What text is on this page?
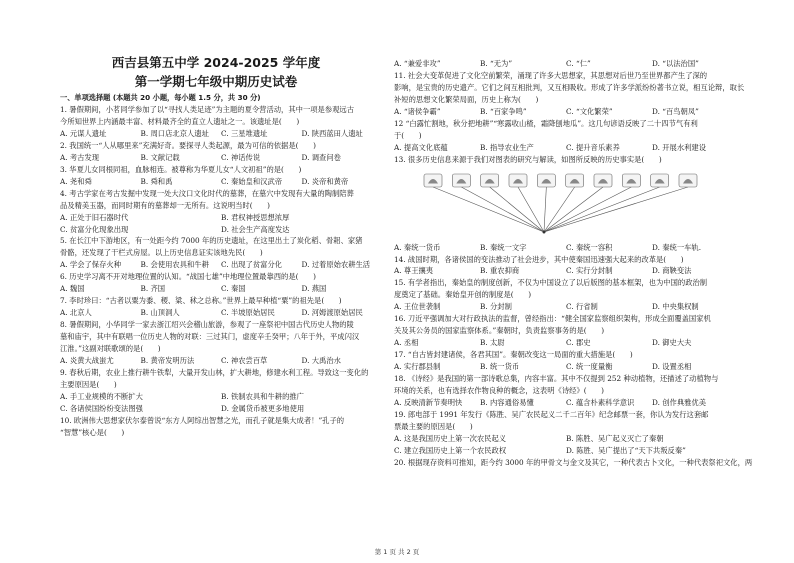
西吉县第五中学 2024-2025 学年度
第一学期七年级中期历史试卷
一、单项选择题 (本题共 20 小题，每小题 1.5 分，共 30 分)
1. 暑假期间，小茗同学参加了以“寻找人类足迹”为主题的夏令营活动，其中一项是参观远古
今所知世界上内涵最丰富、材料最齐全的直立人遗址之一。该遗址是(　　)
A. 元谋人遗址	B. 周口店北京人遗址	C. 三星堆遗址	D. 陕西蓝田人遗址
2. 我国统一“人从哪里来”充满好奇。要探寻人类起源，最为可信的依据是(　　)
A. 考古发现	B. 文献记载	C. 神话传说	D. 调查问卷
3. 华夏儿女同根同祖，血脉相连。被尊称为华夏儿女“人文初祖”的是(　　)
A. 尧和舜	B. 舜和禹	C. 秦始皇和汉武帝	D. 炎帝和黄帝
4. 考古学家在考古发掘中发现一处大汶口文化时代的墓葬，在墓穴中发现有大量的陶制陪葬
品及精美玉器，而同时期有的墓葬却一无所有。这说明当时(　　)
A. 正处于旧石器时代	B. 君权神授思想浓厚
C. 贫富分化现象出现	D. 社会生产高度发达
5. 在长江中下游地区，有一处距今约 7000 年的历史遗址，在这里出土了炭化稻、骨耜、家猪
骨骼，还发现了干栏式房屋。以上历史信息证实该地先民(　　)
A. 学会了保存火种	B. 会使用农具和牛耕	C. 出现了贫富分化	D. 过着原始农耕生活
6. 历史学习离不开对地理位置的认知。“战国七雄”中地理位置最靠西的是(　　)
A. 魏国	B. 齐国	C. 秦国	D. 燕国
7. 李时珍曰：“古者以粟为黍、稷、粱、秫之总称。”世界上最早种植“粟”的祖先是(　　)
A. 北京人	B. 山顶洞人	C. 半坡原始居民	D. 河姆渡原始居民
8. 暑假期间，小华同学一家去浙江绍兴会稽山旅游，参观了一座祭祀中国古代历史人物的陵
墓和庙宇，其中有联唱一位历史人物的对联：三过其门，虚度辛壬癸甲；八年于外，平成闪汉
江淮。”这副对联歌颂的是(　　)
A. 炎黄大战蚩尤	B. 黄帝发明历法	C. 神农尝百草	D. 大禹治水
9. 春秋后期，农业上推行耕牛铁犁，大量开发山林，扩大耕地，修建水利工程。导致这一变化的
主要原因是(　　)
A. 手工业规模的不断扩大	B. 铁制农具和牛耕的推广
C. 各诸侯国纷纷变法图强	D. 金属货币被更多地使用
10. 欧洲伟大思想家伏尔泰曾说“东方人阿综出智慧之光，而孔子就是集大成者！”孔子的
“智慧”核心是(　　)
A. “兼爱非攻”	B. “无为”	C. “仁”	D. “以法治国”
11. 社会大变革促进了文化空前繁荣，涌现了许多大思想家，其思想对后世乃至世界都产生了深的
影响，是宝贵的历史遗产。它们之间互相批判，又互相吸收。形成了许多学派纷纷著书立说，相互论辩，取长
补短的思想文化繁荣局面，历史上称为(　　)
A. “诸侯争霸”	B. “百家争鸣”	C. “文化繁荣”	D. “百鸟朝凤”
12 “白露忙割地，秋分把地耕”“寒露收山楂，霜降刨地瓜”。这几句谚语反映了二十四节气有利
于(　　)
A. 提高文化底蕴	B. 指导农业生产	C. 提升音乐素养	D. 开展水利建设
13. 很多历史信息来源于我们对图表的研究与解读，如图所反映的历史事实是(　　)
A. 秦统一货币	B. 秦统一文字	C. 秦统一容积	D. 秦统一车轨.
14. 战国时期，各诸侯国的变法推动了社会进步，其中使秦国迅速强大起来的改革是(　　)
A. 尊王攘夷	B. 重农抑商	C. 实行分封制	D. 商鞅变法
15. 有学者指出，秦始皇的制度创新，不仅为中国设立了以后版图的基本框架，也为中国的政治制
度奠定了基础。秦始皇开创的制度是(　　)
A. 王位世袭制	B. 分封制	C. 行省制	D. 中央集权制
16. 刀近平强调加大对行政执法的监督，曾经指出：“健全国家监察组织架构，形成全面覆盖国家机
关及其公务员的国家监察体系。”秦朝时，负责监察事务的是(　　)
A. 丞相	B. 太尉	C. 郡史	D. 御史大夫
17. “自古皆封建诸侯，各君其国”。秦朝改变这一局面的重大措施是(　　)
A. 实行郡县制	B. 统一货币	C. 统一度量衡	D. 设置丞相
18. 《诗经》是我国的第一部诗歌总集，内容丰富。其中不仅提到 252 种动植物，还描述了动植物与
环境的关系，也有选择农作物良种的概念，这表明《诗经》(　　)
A. 反映清新节奏明快	B. 内容通俗易懂	C. 蕴含朴素科学意识	D. 创作典雅优美
19. 郎电部于 1991 年发行《陈胜、吴广农民起义二千二百年》纪念邮票一套，你认为发行这套邮
票最主要的原因是(　　)
A. 这是我国历史上第一次农民起义	B. 陈胜、吴广起义灭亡了秦朝
C. 建立我国历史上第一个农民政权	D. 陈胜、吴广提出了“天下共叛反秦”
20. 根据现存资料可推知，距今约 3000 年的甲骨文与金文及其它，一种代表古卜文化，一种代表祭祀文化，两
第 1 页 共 2 页
